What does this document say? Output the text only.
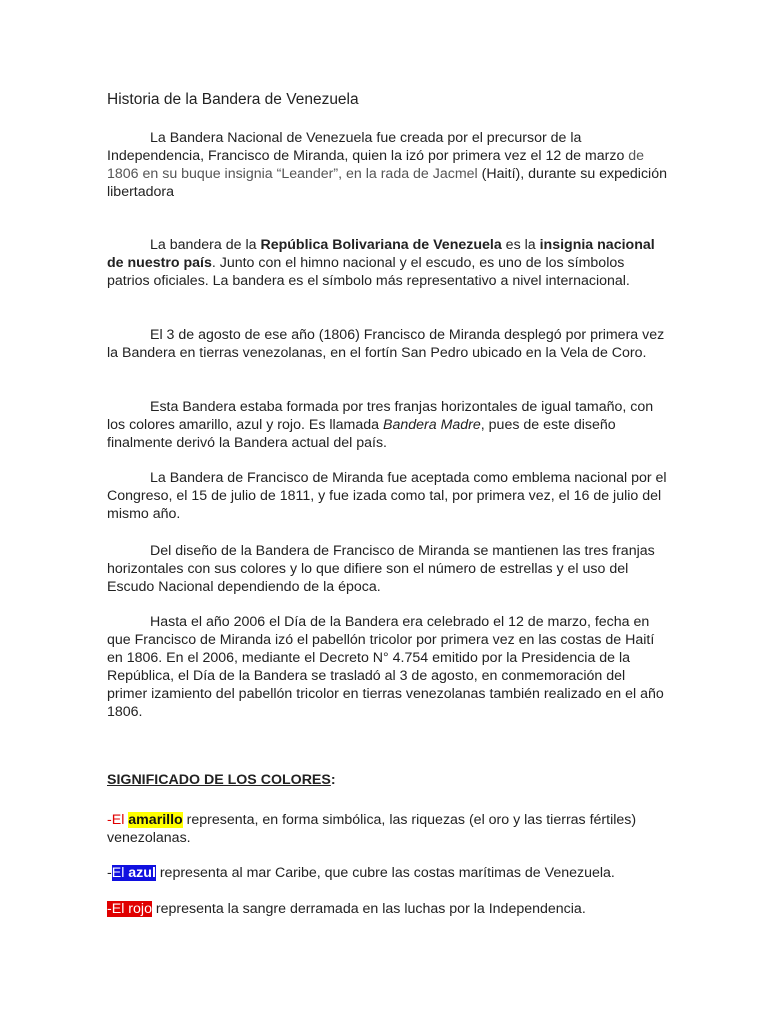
Historia de la Bandera de Venezuela

La Bandera Nacional de Venezuela fue creada por el precursor de la Independencia, Francisco de Miranda, quien la izó por primera vez el 12 de marzo de 1806 en su buque insignia “Leander”, en la rada de Jacmel (Haití), durante su expedición libertadora

La bandera de la República Bolivariana de Venezuela es la insignia nacional de nuestro país. Junto con el himno nacional y el escudo, es uno de los símbolos patrios oficiales. La bandera es el símbolo más representativo a nivel internacional.

El 3 de agosto de ese año (1806) Francisco de Miranda desplegó por primera vez la Bandera en tierras venezolanas, en el fortín San Pedro ubicado en la Vela de Coro.

Esta Bandera estaba formada por tres franjas horizontales de igual tamaño, con los colores amarillo, azul y rojo. Es llamada Bandera Madre, pues de este diseño finalmente derivó la Bandera actual del país.

La Bandera de Francisco de Miranda fue aceptada como emblema nacional por el Congreso, el 15 de julio de 1811, y fue izada como tal, por primera vez, el 16 de julio del mismo año.

Del diseño de la Bandera de Francisco de Miranda se mantienen las tres franjas horizontales con sus colores y lo que difiere son el número de estrellas y el uso del Escudo Nacional dependiendo de la época.

Hasta el año 2006 el Día de la Bandera era celebrado el 12 de marzo, fecha en que Francisco de Miranda izó el pabellón tricolor por primera vez en las costas de Haití en 1806. En el 2006, mediante el Decreto N° 4.754 emitido por la Presidencia de la República, el Día de la Bandera se trasladó al 3 de agosto, en conmemoración del primer izamiento del pabellón tricolor en tierras venezolanas también realizado en el año 1806.

SIGNIFICADO DE LOS COLORES:

-El amarillo representa, en forma simbólica, las riquezas (el oro y las tierras fértiles) venezolanas.

-El azul representa al mar Caribe, que cubre las costas marítimas de Venezuela.

-El rojo representa la sangre derramada en las luchas por la Independencia.
